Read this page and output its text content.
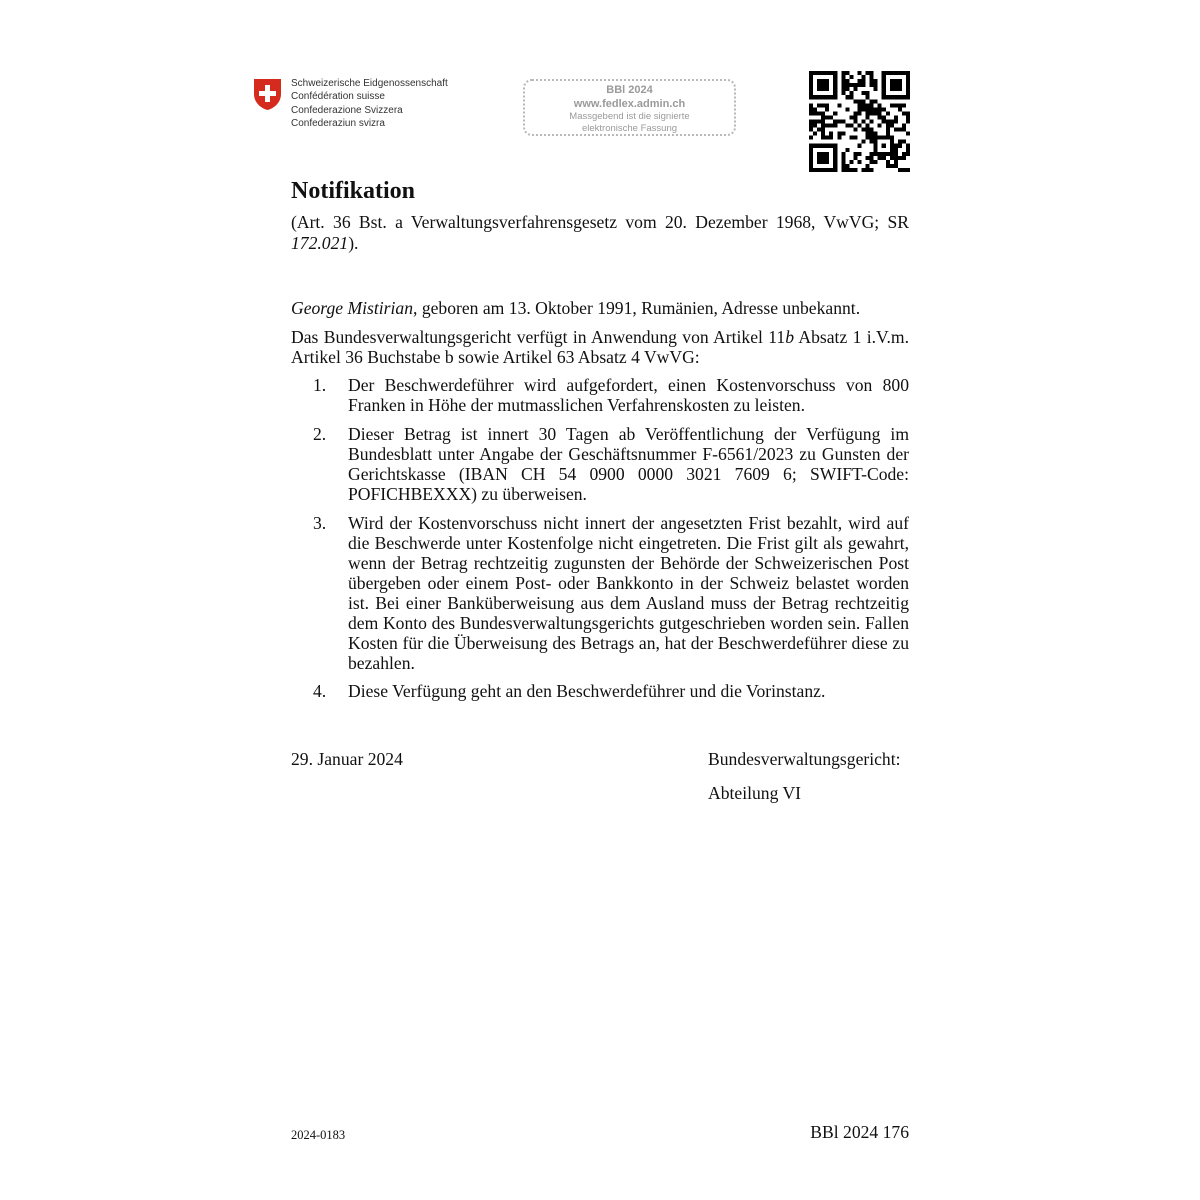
Schweizerische Eidgenossenschaft
Confédération suisse
Confederazione Svizzera
Confederaziun svizra
BBl 2024
www.fedlex.admin.ch
Massgebend ist die signierte
elektronische Fassung
Notifikation
(Art. 36 Bst. a Verwaltungsverfahrensgesetz vom 20. Dezember 1968, VwVG; SR 172.021).
George Mistirian, geboren am 13. Oktober 1991, Rumänien, Adresse unbekannt.
Das Bundesverwaltungsgericht verfügt in Anwendung von Artikel 11b Absatz 1 i.V.m. Artikel 36 Buchstabe b sowie Artikel 63 Absatz 4 VwVG:
1. Der Beschwerdeführer wird aufgefordert, einen Kostenvorschuss von 800 Franken in Höhe der mutmasslichen Verfahrenskosten zu leisten.
2. Dieser Betrag ist innert 30 Tagen ab Veröffentlichung der Verfügung im Bundesblatt unter Angabe der Geschäftsnummer F-6561/2023 zu Gunsten der Gerichtskasse (IBAN CH 54 0900 0000 3021 7609 6; SWIFT-Code: POFICHBEXXX) zu überweisen.
3. Wird der Kostenvorschuss nicht innert der angesetzten Frist bezahlt, wird auf die Beschwerde unter Kostenfolge nicht eingetreten. Die Frist gilt als gewahrt, wenn der Betrag rechtzeitig zugunsten der Behörde der Schweizerischen Post übergeben oder einem Post- oder Bankkonto in der Schweiz belastet worden ist. Bei einer Banküberweisung aus dem Ausland muss der Betrag rechtzeitig dem Konto des Bundesverwaltungsgerichts gutgeschrieben worden sein. Fallen Kosten für die Überweisung des Betrags an, hat der Beschwerdeführer diese zu bezahlen.
4. Diese Verfügung geht an den Beschwerdeführer und die Vorinstanz.
29. Januar 2024	Bundesverwaltungsgericht:
Abteilung VI
2024-0183	BBl 2024 176
